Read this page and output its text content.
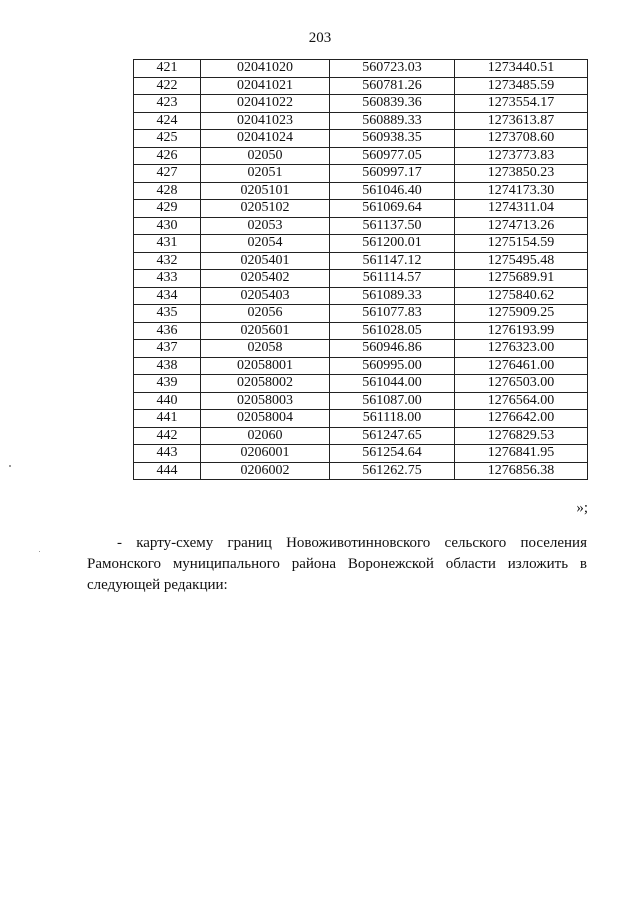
203
421	02041020	560723.03	1273440.51
422	02041021	560781.26	1273485.59
423	02041022	560839.36	1273554.17
424	02041023	560889.33	1273613.87
425	02041024	560938.35	1273708.60
426	02050	560977.05	1273773.83
427	02051	560997.17	1273850.23
428	0205101	561046.40	1274173.30
429	0205102	561069.64	1274311.04
430	02053	561137.50	1274713.26
431	02054	561200.01	1275154.59
432	0205401	561147.12	1275495.48
433	0205402	561114.57	1275689.91
434	0205403	561089.33	1275840.62
435	02056	561077.83	1275909.25
436	0205601	561028.05	1276193.99
437	02058	560946.86	1276323.00
438	02058001	560995.00	1276461.00
439	02058002	561044.00	1276503.00
440	02058003	561087.00	1276564.00
441	02058004	561118.00	1276642.00
442	02060	561247.65	1276829.53
443	0206001	561254.64	1276841.95
444	0206002	561262.75	1276856.38
»;

- карту-схему границ Новоживотинновского сельского поселения Рамонского муниципального района Воронежской области изложить в следующей редакции:
